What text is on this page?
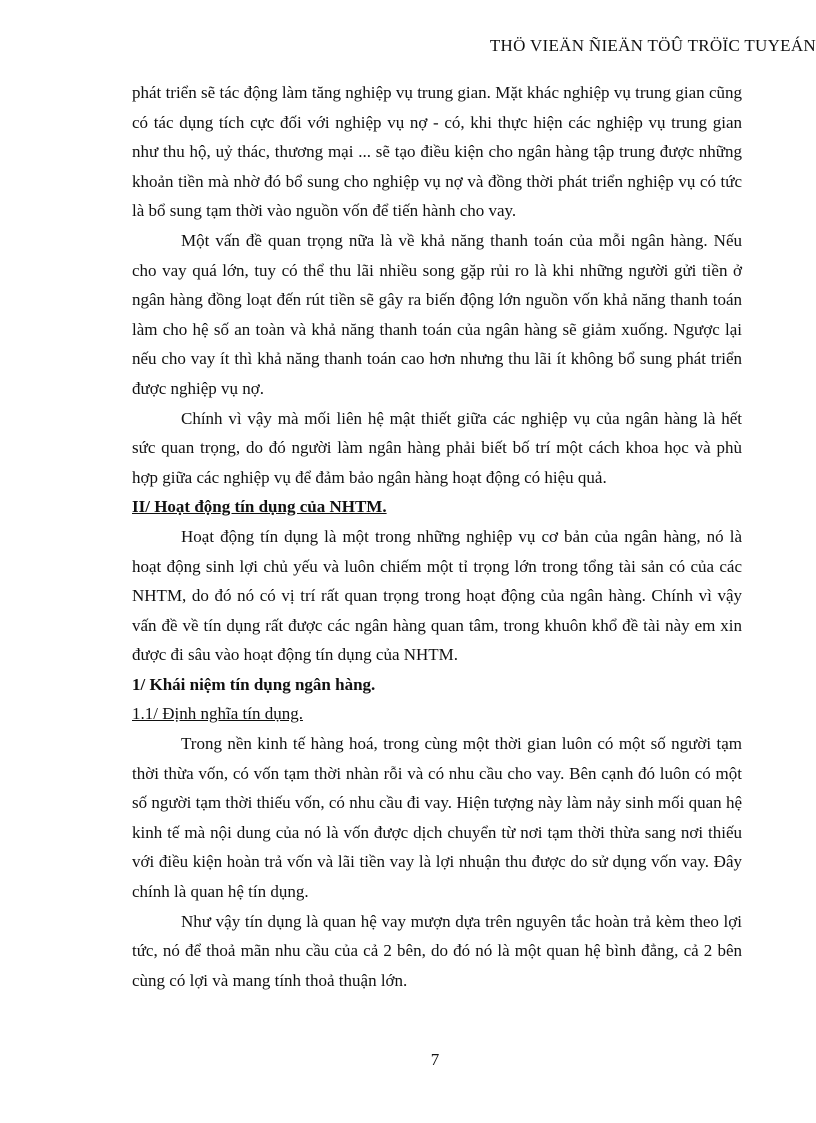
THÖ VIEÄN ÑIEÄN TÖÛ TRÖÏC TUYEÁN

phát triển sẽ tác động làm tăng nghiệp vụ trung gian. Mặt khác nghiệp vụ trung gian cũng có tác dụng tích cực đối với nghiệp vụ nợ - có, khi thực hiện các nghiệp vụ trung gian như thu hộ, uỷ thác, thương mại ... sẽ tạo điều kiện cho ngân hàng tập trung được những khoản tiền mà nhờ đó bổ sung cho nghiệp vụ nợ và đồng thời phát triển nghiệp vụ có tức là bổ sung tạm thời vào nguồn vốn để tiến hành cho vay.

Một vấn đề quan trọng nữa là về khả năng thanh toán của mỗi ngân hàng. Nếu cho vay quá lớn, tuy có thể thu lãi nhiều song gặp rủi ro là khi những người gửi tiền ở ngân hàng đồng loạt đến rút tiền sẽ gây ra biến động lớn nguồn vốn khả năng thanh toán làm cho hệ số an toàn và khả năng thanh toán của ngân hàng sẽ giảm xuống. Ngược lại nếu cho vay ít thì khả năng thanh toán cao hơn nhưng thu lãi ít không bổ sung phát triển được nghiệp vụ nợ.

Chính vì vậy mà mối liên hệ mật thiết giữa các nghiệp vụ của ngân hàng là hết sức quan trọng, do đó người làm ngân hàng phải biết bố trí một cách khoa học và phù hợp giữa các nghiệp vụ để đảm bảo ngân hàng hoạt động có hiệu quả.

II/ Hoạt động tín dụng của NHTM.

Hoạt động tín dụng là một trong những nghiệp vụ cơ bản của ngân hàng, nó là hoạt động sinh lợi chủ yếu và luôn chiếm một tỉ trọng lớn trong tổng tài sản có của các NHTM, do đó nó có vị trí rất quan trọng trong hoạt động của ngân hàng. Chính vì vậy vấn đề về tín dụng rất được các ngân hàng quan tâm, trong khuôn khổ đề tài này em xin được đi sâu vào hoạt động tín dụng của NHTM.

1/ Khái niệm tín dụng ngân hàng.

1.1/ Định nghĩa tín dụng.

Trong nền kinh tế hàng hoá, trong cùng một thời gian luôn có một số người tạm thời thừa vốn, có vốn tạm thời nhàn rỗi và có nhu cầu cho vay. Bên cạnh đó luôn có một số người tạm thời thiếu vốn, có nhu cầu đi vay. Hiện tượng này làm nảy sinh mối quan hệ kinh tế mà nội dung của nó là vốn được dịch chuyển từ nơi tạm thời thừa sang nơi thiếu với điều kiện hoàn trả vốn và lãi tiền vay là lợi nhuận thu được do sử dụng vốn vay. Đây chính là quan hệ tín dụng.

Như vậy tín dụng là quan hệ vay mượn dựa trên nguyên tắc hoàn trả kèm theo lợi tức, nó để thoả mãn nhu cầu của cả 2 bên, do đó nó là một quan hệ bình đẳng, cả 2 bên cùng có lợi và mang tính thoả thuận lớn.

7
